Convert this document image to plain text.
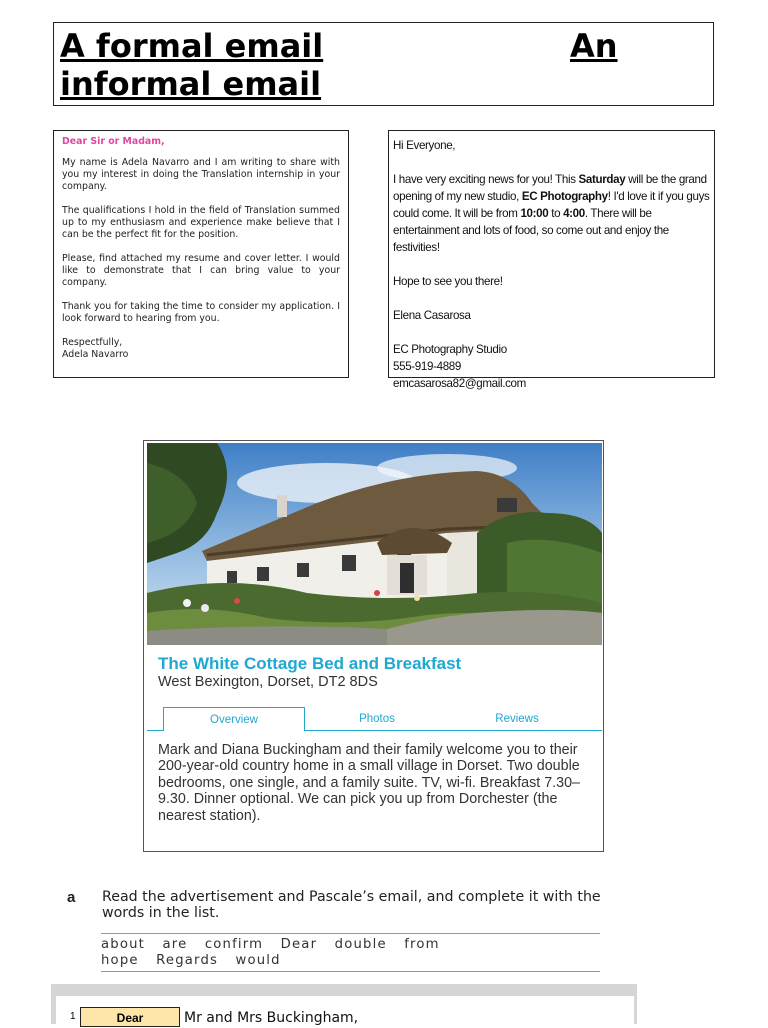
A formal email	An
informal email

Dear Sir or Madam,

My name is Adela Navarro and I am writing to share with you my interest in doing the Translation internship in your company.

The qualifications I hold in the field of Translation summed up to my enthusiasm and experience make believe that I can be the perfect fit for the position.

Please, find attached my resume and cover letter. I would like to demonstrate that I can bring value to your company.

Thank you for taking the time to consider my application. I look forward to hearing from you.

Respectfully,

Adela Navarro

Hi Everyone,

I have very exciting news for you! This Saturday will be the grand opening of my new studio, EC Photography! I'd love it if you guys could come. It will be from 10:00 to 4:00. There will be entertainment and lots of food, so come out and enjoy the festivities!

Hope to see you there!

Elena Casarosa

EC Photography Studio

555-919-4889

emcasarosa82@gmail.com

The White Cottage Bed and Breakfast
West Bexington, Dorset, DT2 8DS
Overview	Photos	Reviews
Mark and Diana Buckingham and their family welcome you to their 200-year-old country home in a small village in Dorset. Two double bedrooms, one single, and a family suite. TV, wi-fi. Breakfast 7.30–9.30. Dinner optional. We can pick you up from Dorchester (the nearest station).
a Read the advertisement and Pascale’s email, and complete it with the words in the list.
about are confirm Dear double from
hope Regards would
1	Dear	Mr and Mrs Buckingham,
